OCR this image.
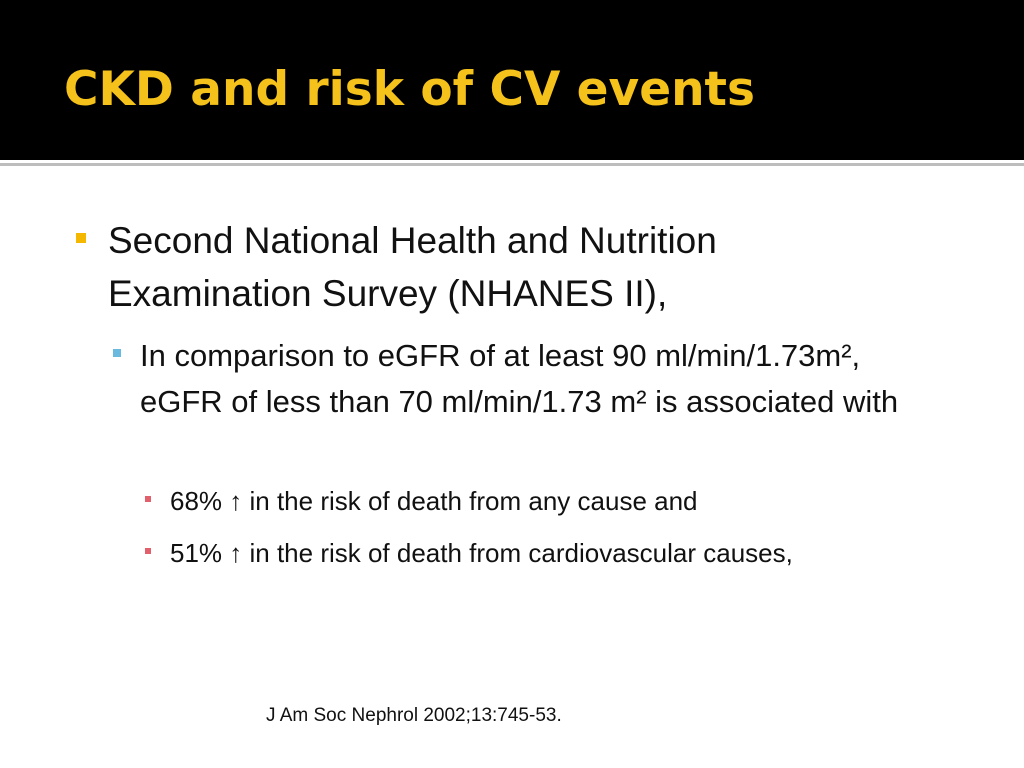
CKD and risk of CV events
Second National Health and Nutrition Examination Survey (NHANES II),
In comparison to eGFR of at least 90 ml/min/1.73m², eGFR of less than 70 ml/min/1.73 m² is associated with
68% ↑ in the risk of death from any cause and
51% ↑ in the risk of death from cardiovascular causes,
J Am Soc Nephrol 2002;13:745-53.
